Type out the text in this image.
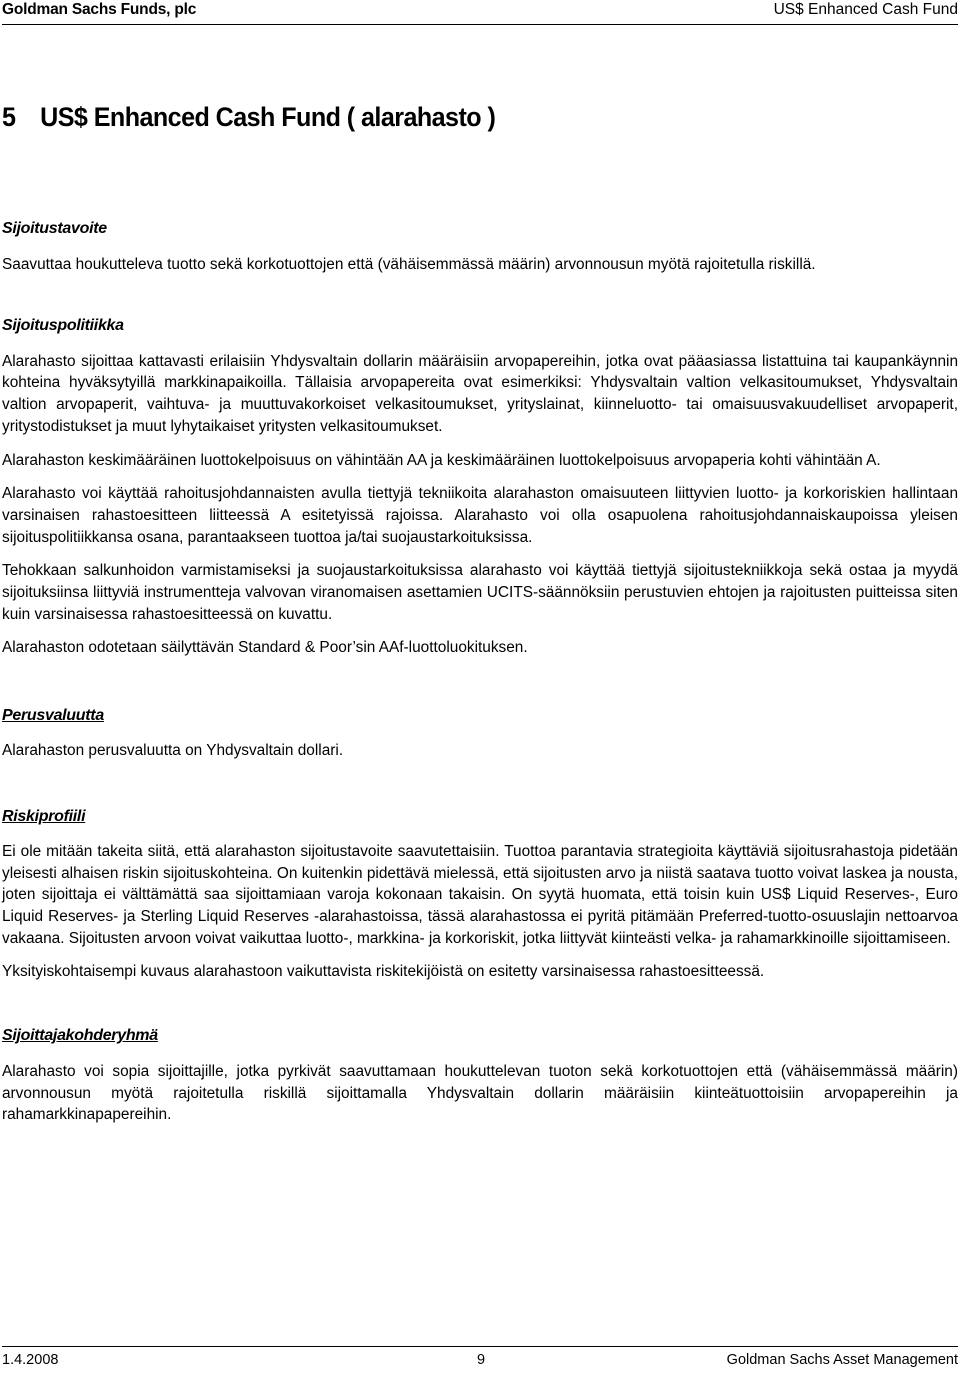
Goldman Sachs Funds, plc	US$ Enhanced Cash Fund
5 US$ Enhanced Cash Fund ( alarahasto )
Sijoitustavoite

Saavuttaa houkutteleva tuotto sekä korkotuottojen että (vähäisemmässä määrin) arvonnousun myötä rajoitetulla riskillä.

Sijoituspolitiikka

Alarahasto sijoittaa kattavasti erilaisiin Yhdysvaltain dollarin määräisiin arvopapereihin, jotka ovat pääasiassa listattuina tai kaupankäynnin kohteina hyväksytyillä markkinapaikoilla. Tällaisia arvopapereita ovat esimerkiksi: Yhdysvaltain valtion velkasitoumukset, Yhdysvaltain valtion arvopaperit, vaihtuva- ja muuttuvakorkoiset velkasitoumukset, yrityslainat, kiinneluotto- tai omaisuusvakuudelliset arvopaperit, yritystodistukset ja muut lyhytaikaiset yritysten velkasitoumukset.

Alarahaston keskimääräinen luottokelpoisuus on vähintään AA ja keskimääräinen luottokelpoisuus arvopaperia kohti vähintään A.

Alarahasto voi käyttää rahoitusjohdannaisten avulla tiettyjä tekniikoita alarahaston omaisuuteen liittyvien luotto- ja korkoriskien hallintaan varsinaisen rahastoesitteen liitteessä A esitetyissä rajoissa. Alarahasto voi olla osapuolena rahoitusjohdannaiskaupoissa yleisen sijoituspolitiikkansa osana, parantaakseen tuottoa ja/tai suojaustarkoituksissa.

Tehokkaan salkunhoidon varmistamiseksi ja suojaustarkoituksissa alarahasto voi käyttää tiettyjä sijoitustekniikkoja sekä ostaa ja myydä sijoituksiinsa liittyviä instrumentteja valvovan viranomaisen asettamien UCITS-säännöksiin perustuvien ehtojen ja rajoitusten puitteissa siten kuin varsinaisessa rahastoesitteessä on kuvattu.

Alarahaston odotetaan säilyttävän Standard & Poor’sin AAf-luottoluokituksen.

Perusvaluutta

Alarahaston perusvaluutta on Yhdysvaltain dollari.

Riskiprofiili

Ei ole mitään takeita siitä, että alarahaston sijoitustavoite saavutettaisiin. Tuottoa parantavia strategioita käyttäviä sijoitusrahastoja pidetään yleisesti alhaisen riskin sijoituskohteina. On kuitenkin pidettävä mielessä, että sijoitusten arvo ja niistä saatava tuotto voivat laskea ja nousta, joten sijoittaja ei välttämättä saa sijoittamiaan varoja kokonaan takaisin. On syytä huomata, että toisin kuin US$ Liquid Reserves-, Euro Liquid Reserves- ja Sterling Liquid Reserves -alarahastoissa, tässä alarahastossa ei pyritä pitämään Preferred-tuotto-osuuslajin nettoarvoa vakaana. Sijoitusten arvoon voivat vaikuttaa luotto-, markkina- ja korkoriskit, jotka liittyvät kiinteästi velka- ja rahamarkkinoille sijoittamiseen.

Yksityiskohtaisempi kuvaus alarahastoon vaikuttavista riskitekijöistä on esitetty varsinaisessa rahastoesitteessä.

Sijoittajakohderyhmä

Alarahasto voi sopia sijoittajille, jotka pyrkivät saavuttamaan houkuttelevan tuoton sekä korkotuottojen että (vähäisemmässä määrin) arvonnousun myötä rajoitetulla riskillä sijoittamalla Yhdysvaltain dollarin määräisiin kiinteätuottoisiin arvopapereihin ja rahamarkkinapapereihin.

1.4.2008	9	Goldman Sachs Asset Management
